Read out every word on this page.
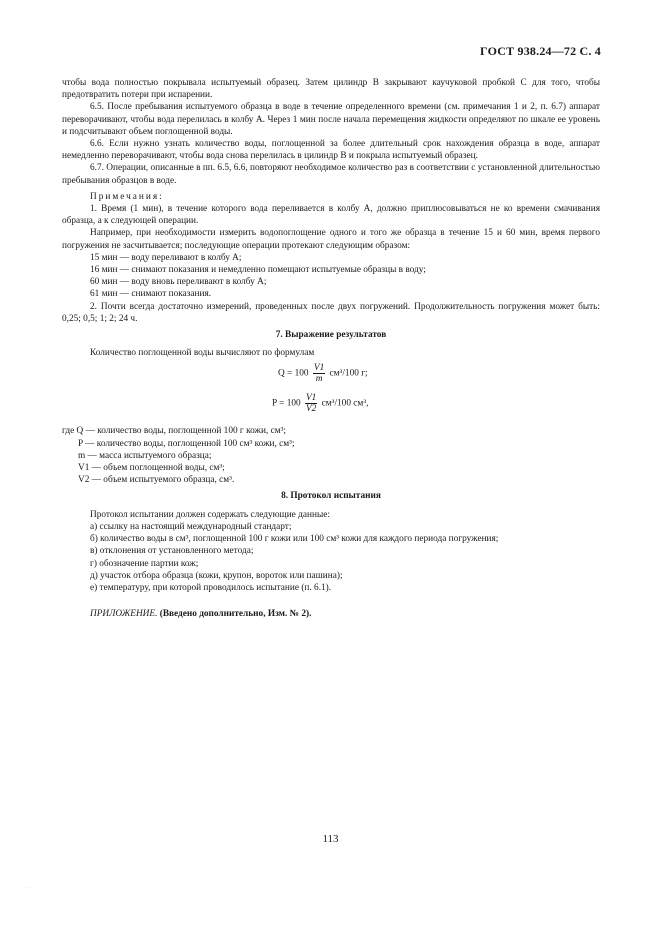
ГОСТ 938.24—72 С. 4

чтобы вода полностью покрывала испытуемый образец. Затем цилиндр B закрывают каучуковой пробкой C для того, чтобы предотвратить потери при испарении.

6.5. После пребывания испытуемого образца в воде в течение определенного времени (см. примечания 1 и 2, п. 6.7) аппарат переворачивают, чтобы вода перелилась в колбу A. Через 1 мин после начала перемещения жидкости определяют по шкале ее уровень и подсчитывают объем поглощенной воды.

6.6. Если нужно узнать количество воды, поглощенной за более длительный срок нахождения образца в воде, аппарат немедленно переворачивают, чтобы вода снова перелилась в цилиндр B и покрыла испытуемый образец.

6.7. Операции, описанные в пп. 6.5, 6.6, повторяют необходимое количество раз в соответствии с установленной длительностью пребывания образцов в воде.

Примечания:

1. Время (1 мин), в течение которого вода переливается в колбу A, должно приплюсовываться не ко времени смачивания образца, а к следующей операции.

Например, при необходимости измерить водопоглощение одного и того же образца в течение 15 и 60 мин, время первого погружения не засчитывается; последующие операции протекают следующим образом:

15 мин — воду переливают в колбу A;

16 мин — снимают показания и немедленно помещают испытуемые образцы в воду;

60 мин — воду вновь переливают в колбу A;

61 мин — снимают показания.

2. Почти всегда достаточно измерений, проведенных после двух погружений. Продолжительность погружения может быть: 0,25; 0,5; 1; 2; 24 ч.

7. Выражение результатов

Количество поглощенной воды вычисляют по формулам

$Q = 100 \frac{V1}{m} см^3/100$ г;
$P = 100 \frac{V1}{V2} см^3/100$ см³,

где Q — количество воды, поглощенной 100 г кожи, см³;

P — количество воды, поглощенной 100 см³ кожи, см³;

m — масса испытуемого образца;

V1 — объем поглощенной воды, см³;

V2 — объем испытуемого образца, см³.

8. Протокол испытания

Протокол испытании должен содержать следующие данные:

а) ссылку на настоящий международный стандарт;

б) количество воды в см³, поглощенной 100 г кожи или 100 см³ кожи для каждого периода погружения;

в) отклонения от установленного метода;

г) обозначение партии кож;

д) участок отбора образца (кожи, крупон, вороток или пашина);

е) температуру, при которой проводилось испытание (п. 6.1).

ПРИЛОЖЕНИЕ. (Введено дополнительно, Изм. № 2).

113
· · ·
